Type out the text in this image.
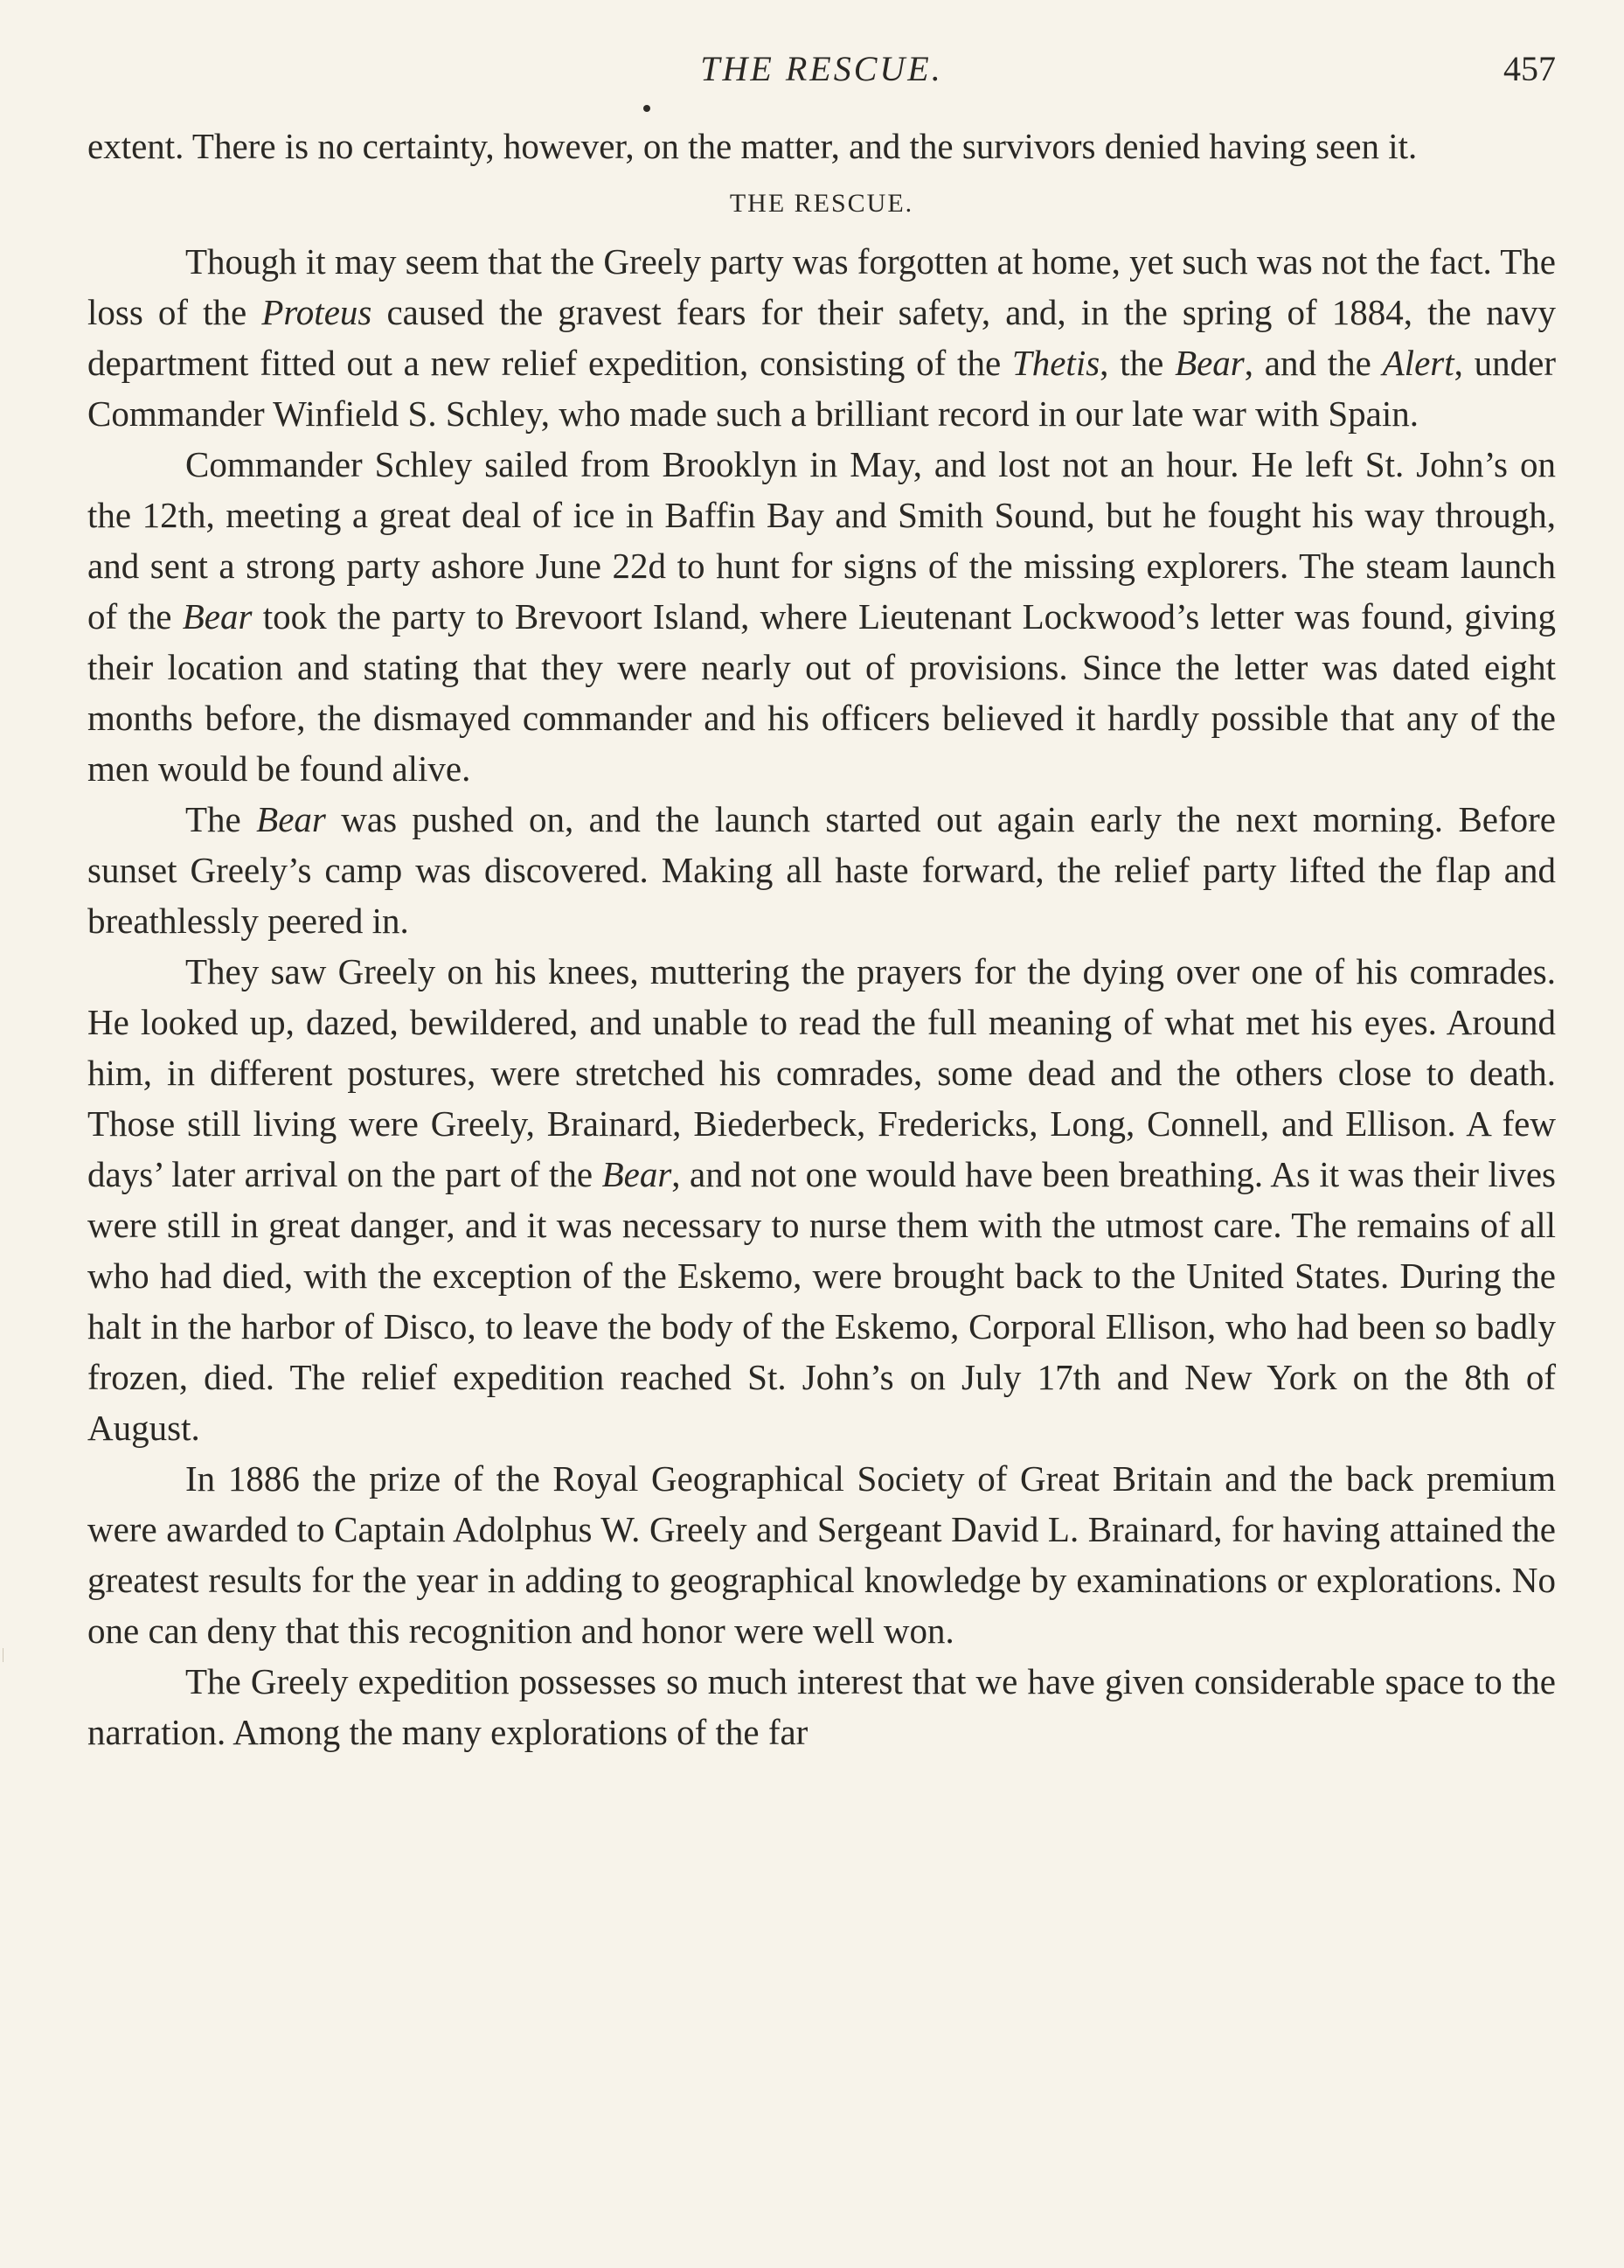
THE RESCUE.	457

extent. There is no certainty, however, on the matter, and the survivors denied having seen it.

THE RESCUE.

Though it may seem that the Greely party was forgotten at home, yet such was not the fact. The loss of the Proteus caused the gravest fears for their safety, and, in the spring of 1884, the navy department fitted out a new relief expedition, consisting of the Thetis, the Bear, and the Alert, under Commander Winfield S. Schley, who made such a brilliant record in our late war with Spain.

Commander Schley sailed from Brooklyn in May, and lost not an hour. He left St. John’s on the 12th, meeting a great deal of ice in Baffin Bay and Smith Sound, but he fought his way through, and sent a strong party ashore June 22d to hunt for signs of the missing explorers. The steam launch of the Bear took the party to Brevoort Island, where Lieutenant Lockwood’s letter was found, giving their location and stating that they were nearly out of provisions. Since the letter was dated eight months before, the dismayed commander and his officers believed it hardly possible that any of the men would be found alive.

The Bear was pushed on, and the launch started out again early the next morning. Before sunset Greely’s camp was discovered. Making all haste forward, the relief party lifted the flap and breathlessly peered in.

They saw Greely on his knees, muttering the prayers for the dying over one of his comrades. He looked up, dazed, bewildered, and unable to read the full meaning of what met his eyes. Around him, in different postures, were stretched his comrades, some dead and the others close to death. Those still living were Greely, Brainard, Biederbeck, Fredericks, Long, Connell, and Ellison. A few days’ later arrival on the part of the Bear, and not one would have been breathing. As it was their lives were still in great danger, and it was necessary to nurse them with the utmost care. The remains of all who had died, with the exception of the Eskemo, were brought back to the United States. During the halt in the harbor of Disco, to leave the body of the Eskemo, Corporal Ellison, who had been so badly frozen, died. The relief expedition reached St. John’s on July 17th and New York on the 8th of August.

In 1886 the prize of the Royal Geographical Society of Great Britain and the back premium were awarded to Captain Adolphus W. Greely and Sergeant David L. Brainard, for having attained the greatest results for the year in adding to geographical knowledge by examinations or explorations. No one can deny that this recognition and honor were well won.

The Greely expedition possesses so much interest that we have given considerable space to the narration. Among the many explorations of the far
